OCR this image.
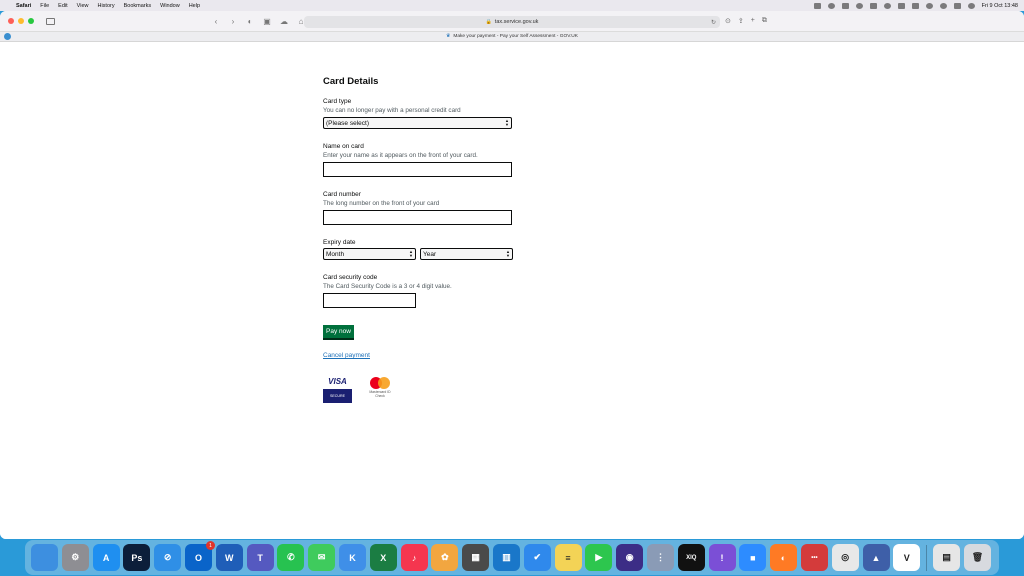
Safari File Edit View History Bookmarks Window Help	Fri 9 Oct 13:48
‹	›	◐ ▣ ☁ ⌂	🔒 tax.service.gov.uk	↻ ⊙ ⇪ + ⧉
♛ Make your payment - Pay your Self Assessment - GOV.UK
Card Details
Card type
You can no longer pay with a personal credit card
(Please select)	▲
▼
Name on card
Enter your name as it appears on the front of your card.
Card number
The long number on the front of your card
Expiry date
Month	▲
▼ Year	▲
▼
Card security code
The Card Security Code is a 3 or 4 digit value.
Pay now
Cancel payment
VISA
SECURE
Mastercard ID Check
⚙	A Ps ⊘	O
1
W	T	✆	✉	K	X	♪	✿	▦ ▥	✔	≡	▶	◉ ⋮	XIQ	!	■	◐	•••	◎ ▲	V	▤ 🗑
